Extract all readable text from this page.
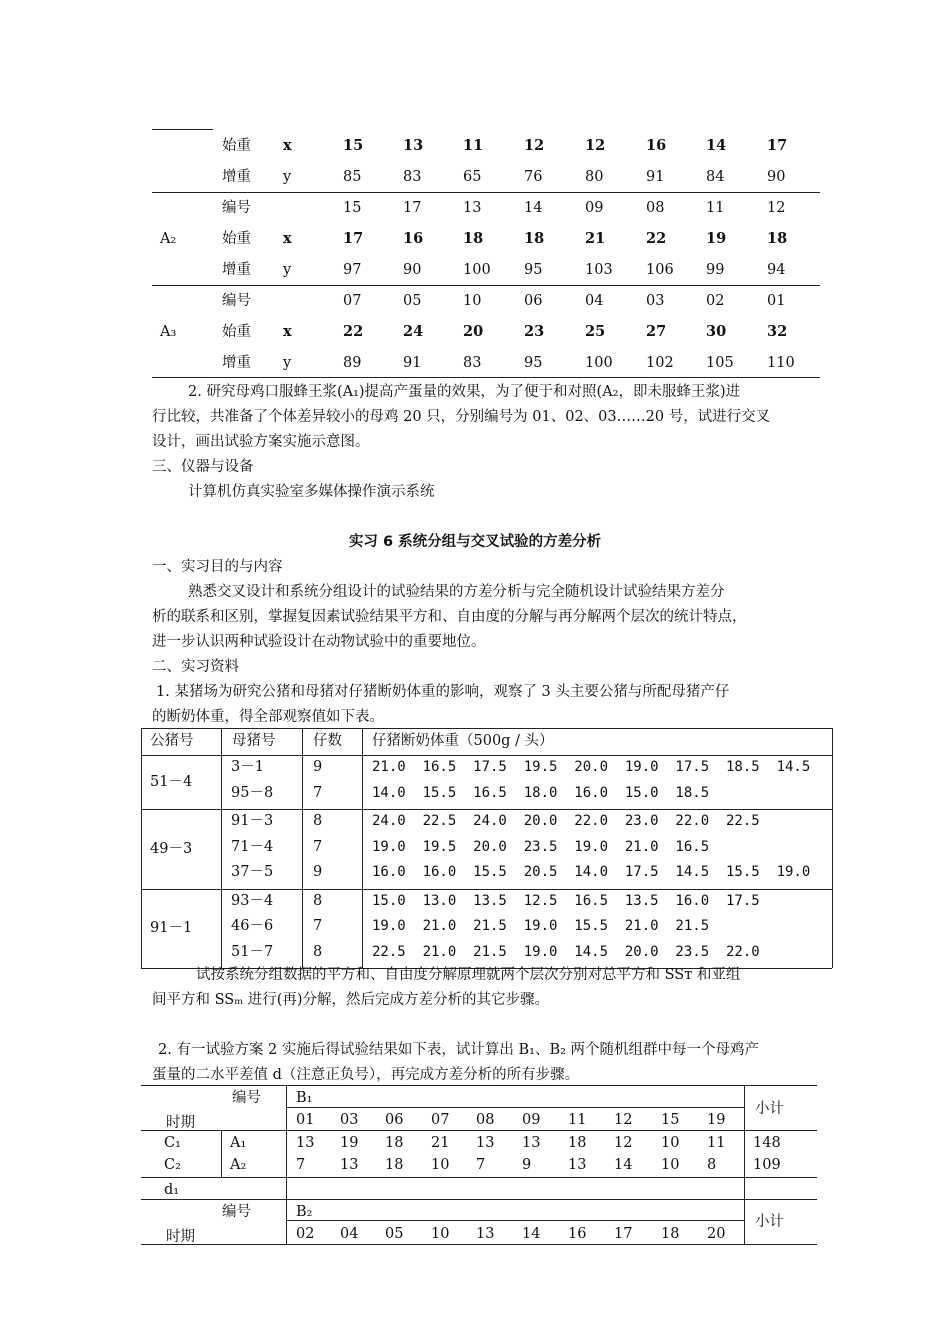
始重 x	15	13	11	12	12	16	14	17
增重 y	85	83	65	76	80	91	84	90
编号	15	17	13	14	09	08	11	12
A₂	始重 x	17	16	18	18	21	22	19	18
增重 y	97	90	100 95	103 106 99	94
编号	07	05	10	06	04	03	02	01
A₃	始重 x	22	24	20	23	25	27	30	32
增重 y	89	91	83	95	100 102 105 110
2. 研究母鸡口服蜂王浆(A₁)提高产蛋量的效果，为了便于和对照(A₂，即未服蜂王浆)进
行比较，共准备了个体差异较小的母鸡 20 只，分别编号为 01、02、03……20 号，试进行交叉
设计，画出试验方案实施示意图。
三、仪器与设备
计算机仿真实验室多媒体操作演示系统
实习 6 系统分组与交叉试验的方差分析
一、实习目的与内容
熟悉交叉设计和系统分组设计的试验结果的方差分析与完全随机设计试验结果方差分
析的联系和区别，掌握复因素试验结果平方和、自由度的分解与再分解两个层次的统计特点，
进一步认识两种试验设计在动物试验中的重要地位。
二、实习资料
1. 某猪场为研究公猪和母猪对仔猪断奶体重的影响，观察了 3 头主要公猪与所配母猪产仔
的断奶体重，得全部观察值如下表。
公猪号	母猪号	仔数 仔猪断奶体重（500g / 头）
51－4
3－1	9	21.0  16.5  17.5  19.5  20.0  19.0  17.5  18.5  14.5
95－8	7	14.0  15.5  16.5  18.0  16.0  15.0  18.5
49－3
91－3	8	24.0  22.5  24.0  20.0  22.0  23.0  22.0  22.5
71－4	7	19.0  19.5  20.0  23.5  19.0  21.0  16.5
37－5	9	16.0  16.0  15.5  20.5  14.0  17.5  14.5  15.5  19.0
91－1
93－4	8	15.0  13.0  13.5  12.5  16.5  13.5  16.0  17.5
46－6	7	19.0  21.0  21.5  19.0  15.5  21.0  21.5
51－7	8	22.5  21.0  21.5  19.0  14.5  20.0  23.5  22.0
试按系统分组数据的平方和、自由度分解原理就两个层次分别对总平方和 SSᴛ 和亚组
间平方和 SSₘ 进行(再)分解，然后完成方差分析的其它步骤。
2. 有一试验方案 2 实施后得试验结果如下表，试计算出 B₁、B₂ 两个随机组群中每一个母鸡产
蛋量的二水平差值 d（注意正负号），再完成方差分析的所有步骤。
编号 B₁
时期	01 03 06 07 08 09 11 12 15 19
小计
C₁	A₁	13 19 18 21 13 13 18 12 10 11 148
C₂	A₂	7 13 18 10 7	9	13 14 10 8	109
d₁
编号	B₂
时期	02 04 05 10 13 14 16 17 18 20
小计
